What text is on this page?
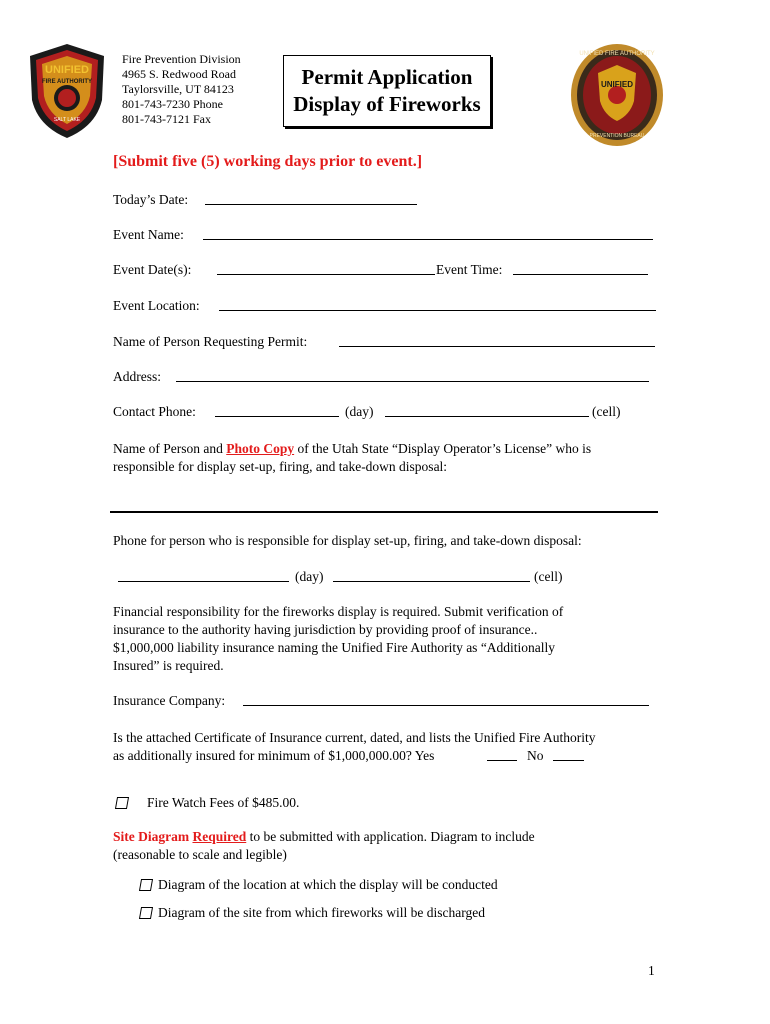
UNIFIED
FIRE AUTHORITY
SALT LAKE
Fire Prevention Division
4965 S. Redwood Road
Taylorsville, UT 84123
801-743-7230 Phone
801-743-7121 Fax
Permit Application
Display of Fireworks
UNIFIED
UNIFIED FIRE AUTHORITY
PREVENTION BUREAU
[Submit five (5) working days prior to event.]
Today’s Date:
Event Name:
Event Date(s):	Event Time:
Event Location:
Name of Person Requesting Permit:
Address:
Contact Phone:	(day)	(cell)
Name of Person and Photo Copy of the Utah State “Display Operator’s License” who is
responsible for display set-up, firing, and take-down disposal:
Phone for person who is responsible for display set-up, firing, and take-down disposal:
(day)	(cell)
Financial responsibility for the fireworks display is required. Submit verification of
insurance to the authority having jurisdiction by providing proof of insurance..
$1,000,000 liability insurance naming the Unified Fire Authority as “Additionally
Insured” is required.
Insurance Company:
Is the attached Certificate of Insurance current, dated, and lists the Unified Fire Authority
as additionally insured for minimum of $1,000,000.00? Yes	No
Fire Watch Fees of $485.00.
Site Diagram Required to be submitted with application. Diagram to include
(reasonable to scale and legible)
Diagram of the location at which the display will be conducted
Diagram of the site from which fireworks will be discharged
1
